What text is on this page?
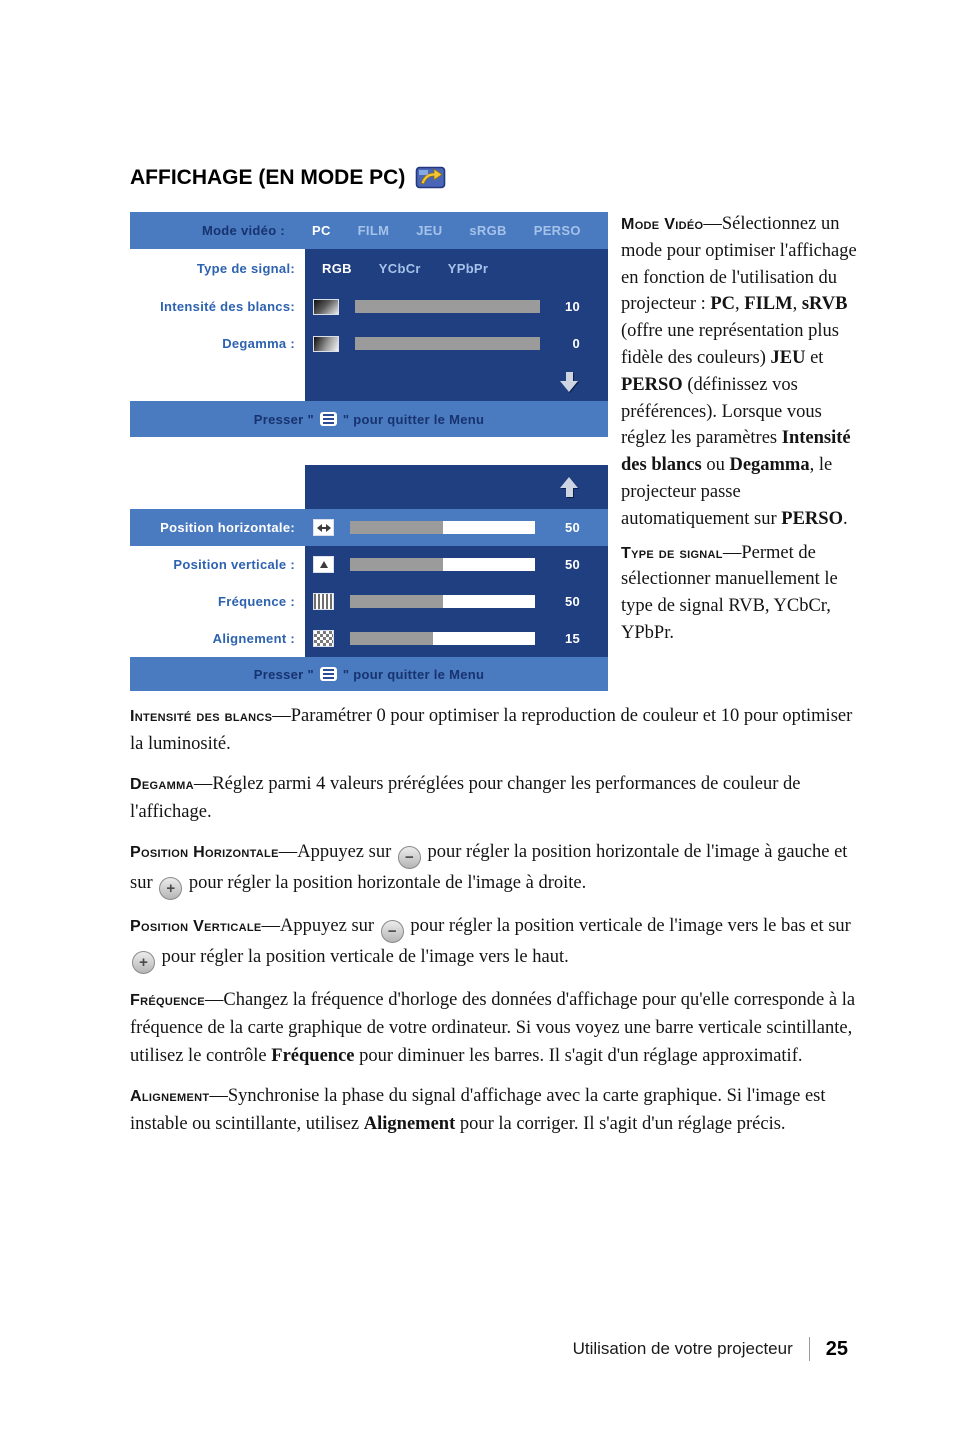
AFFICHAGE (EN MODE PC)
Mode vidéo :	PC FILM JEU sRGB PERSO
Type de signal: RGB YCbCr YPbPr
Intensité des blancs:	10
Degamma :	0
Presser " " pour quitter le Menu
Position horizontale:	50
Position verticale :	50
Fréquence :	50
Alignement :	15
Presser " " pour quitter le Menu

Mode Vidéo—Sélectionnez un mode pour optimiser l'affichage en fonction de l'utilisation du projecteur : PC, FILM, sRVB (offre une représentation plus fidèle des couleurs) JEU et PERSO (définissez vos préférences). Lorsque vous réglez les paramètres Intensité des blancs ou Degamma, le projecteur passe automatiquement sur PERSO.

Type de signal—Permet de sélectionner manuellement le type de signal RVB, YCbCr, YPbPr.

Intensité des blancs—Paramétrer 0 pour optimiser la reproduction de couleur et 10 pour optimiser la luminosité.

Degamma—Réglez parmi 4 valeurs préréglées pour changer les performances de couleur de l'affichage.

Position Horizontale—Appuyez sur − pour régler la position horizontale de l'image à gauche et sur + pour régler la position horizontale de l'image à droite.

Position Verticale—Appuyez sur − pour régler la position verticale de l'image vers le bas et sur + pour régler la position verticale de l'image vers le haut.

Fréquence—Changez la fréquence d'horloge des données d'affichage pour qu'elle corresponde à la fréquence de la carte graphique de votre ordinateur. Si vous voyez une barre verticale scintillante, utilisez le contrôle Fréquence pour diminuer les barres. Il s'agit d'un réglage approximatif.

Alignement—Synchronise la phase du signal d'affichage avec la carte graphique. Si l'image est instable ou scintillante, utilisez Alignement pour la corriger. Il s'agit d'un réglage précis.

Utilisation de votre projecteur 25
